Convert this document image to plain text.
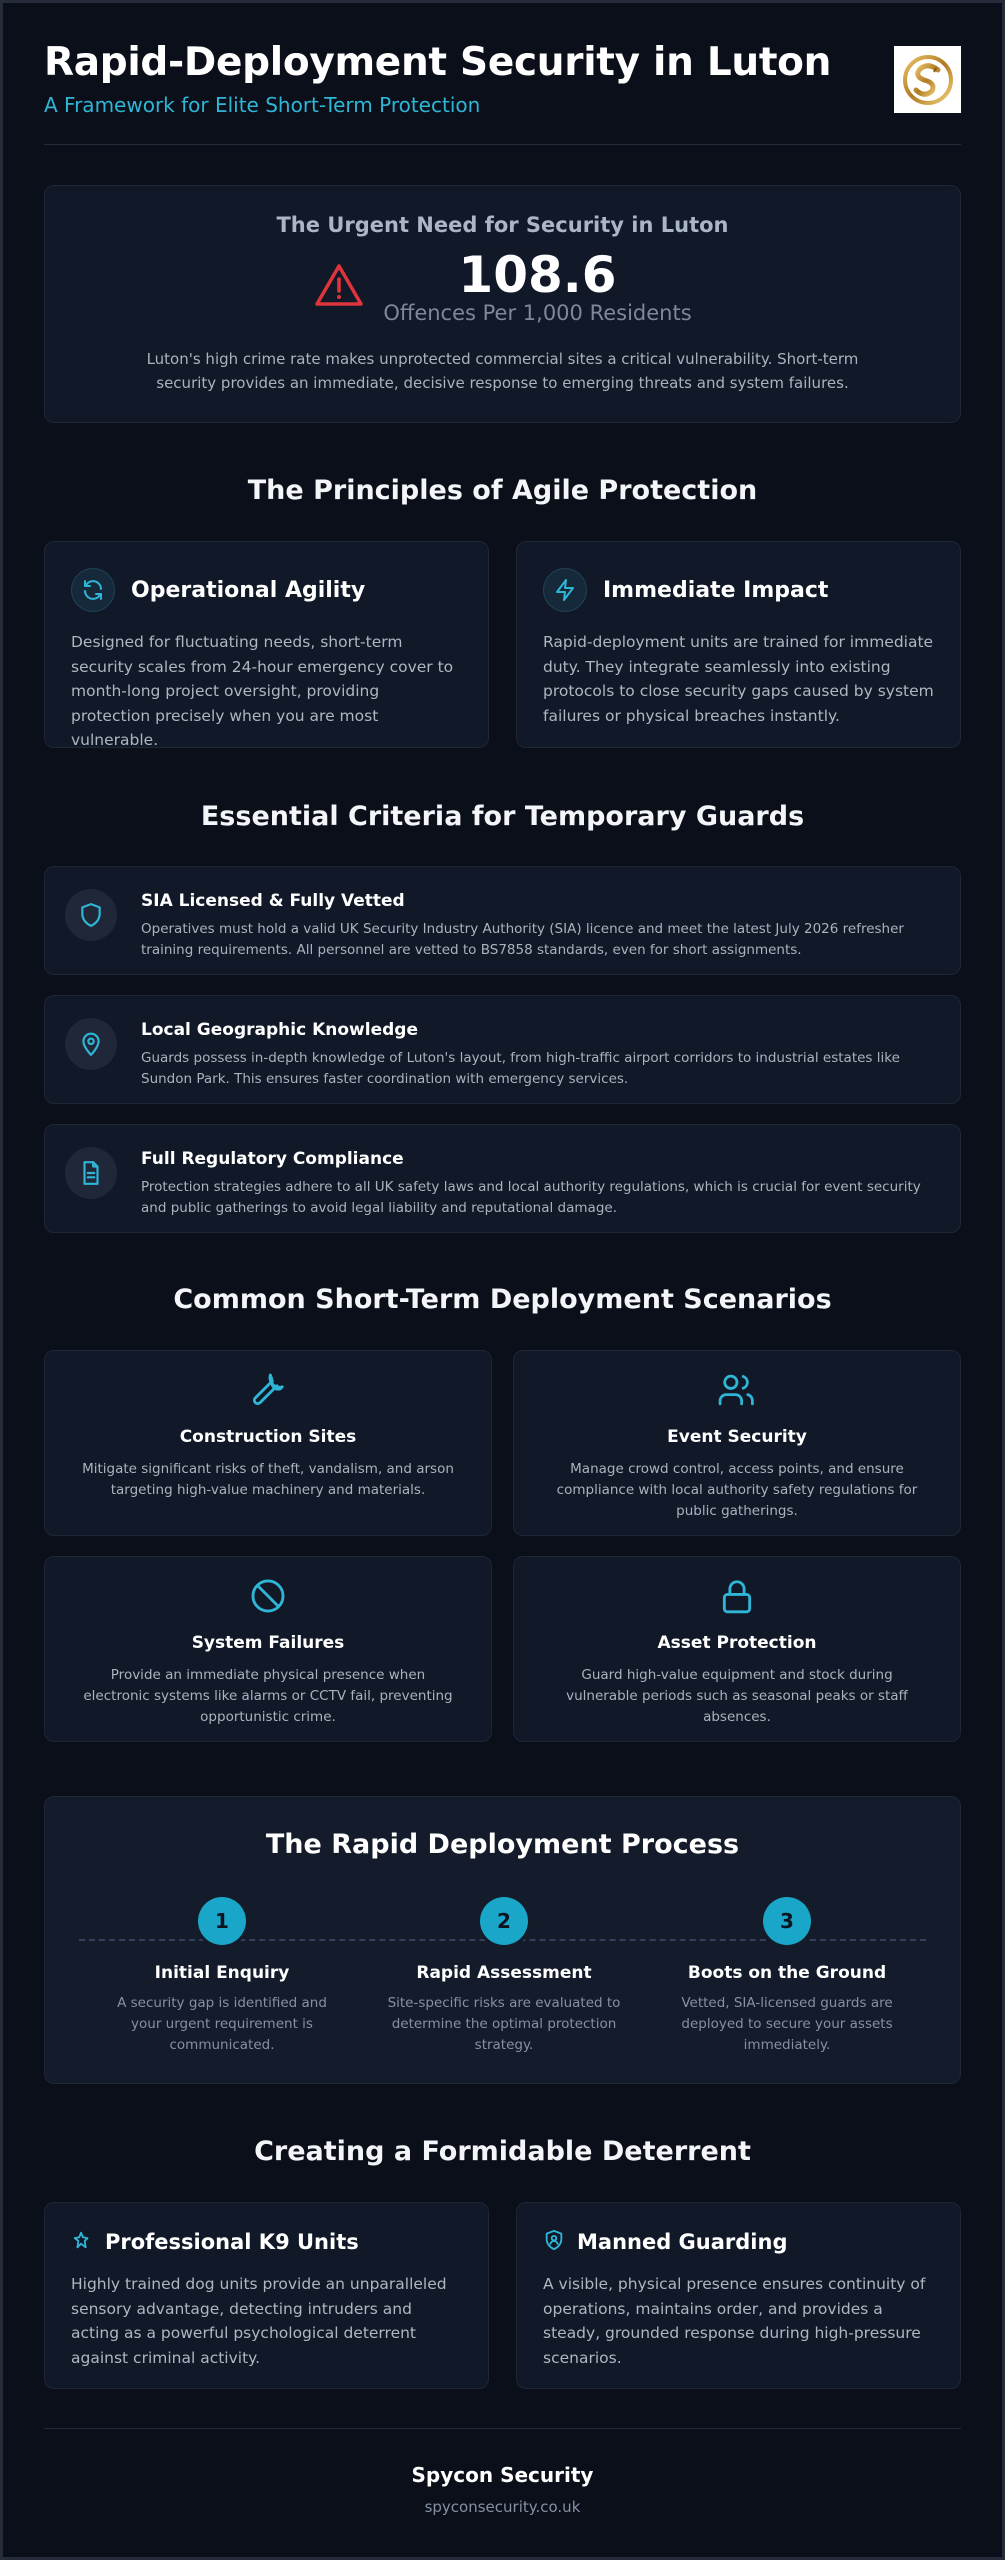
Rapid-Deployment Security in Luton
A Framework for Elite Short-Term Protection
The Urgent Need for Security in Luton
108.6
Offences Per 1,000 Residents

Luton's high crime rate makes unprotected commercial sites a critical vulnerability. Short-term security provides an immediate, decisive response to emerging threats and system failures.

The Principles of Agile Protection
Operational Agility

Designed for fluctuating needs, short-term security scales from 24-hour emergency cover to month-long project oversight, providing protection precisely when you are most vulnerable.

Immediate Impact

Rapid-deployment units are trained for immediate duty. They integrate seamlessly into existing protocols to close security gaps caused by system failures or physical breaches instantly.

Essential Criteria for Temporary Guards
SIA Licensed & Fully Vetted

Operatives must hold a valid UK Security Industry Authority (SIA) licence and meet the latest July 2026 refresher training requirements. All personnel are vetted to BS7858 standards, even for short assignments.

Local Geographic Knowledge

Guards possess in-depth knowledge of Luton's layout, from high-traffic airport corridors to industrial estates like Sundon Park. This ensures faster coordination with emergency services.

Full Regulatory Compliance

Protection strategies adhere to all UK safety laws and local authority regulations, which is crucial for event security and public gatherings to avoid legal liability and reputational damage.

Common Short-Term Deployment Scenarios
Construction Sites

Mitigate significant risks of theft, vandalism, and arson targeting high-value machinery and materials.

Event Security

Manage crowd control, access points, and ensure compliance with local authority safety regulations for public gatherings.

System Failures

Provide an immediate physical presence when electronic systems like alarms or CCTV fail, preventing opportunistic crime.

Asset Protection

Guard high-value equipment and stock during vulnerable periods such as seasonal peaks or staff absences.

The Rapid Deployment Process
1
Initial Enquiry

A security gap is identified and your urgent requirement is communicated.

2
Rapid Assessment

Site-specific risks are evaluated to determine the optimal protection strategy.

3
Boots on the Ground

Vetted, SIA-licensed guards are deployed to secure your assets immediately.

Creating a Formidable Deterrent
Professional K9 Units

Highly trained dog units provide an unparalleled sensory advantage, detecting intruders and acting as a powerful psychological deterrent against criminal activity.

Manned Guarding

A visible, physical presence ensures continuity of operations, maintains order, and provides a steady, grounded response during high-pressure scenarios.

Spycon Security
spyconsecurity.co.uk
